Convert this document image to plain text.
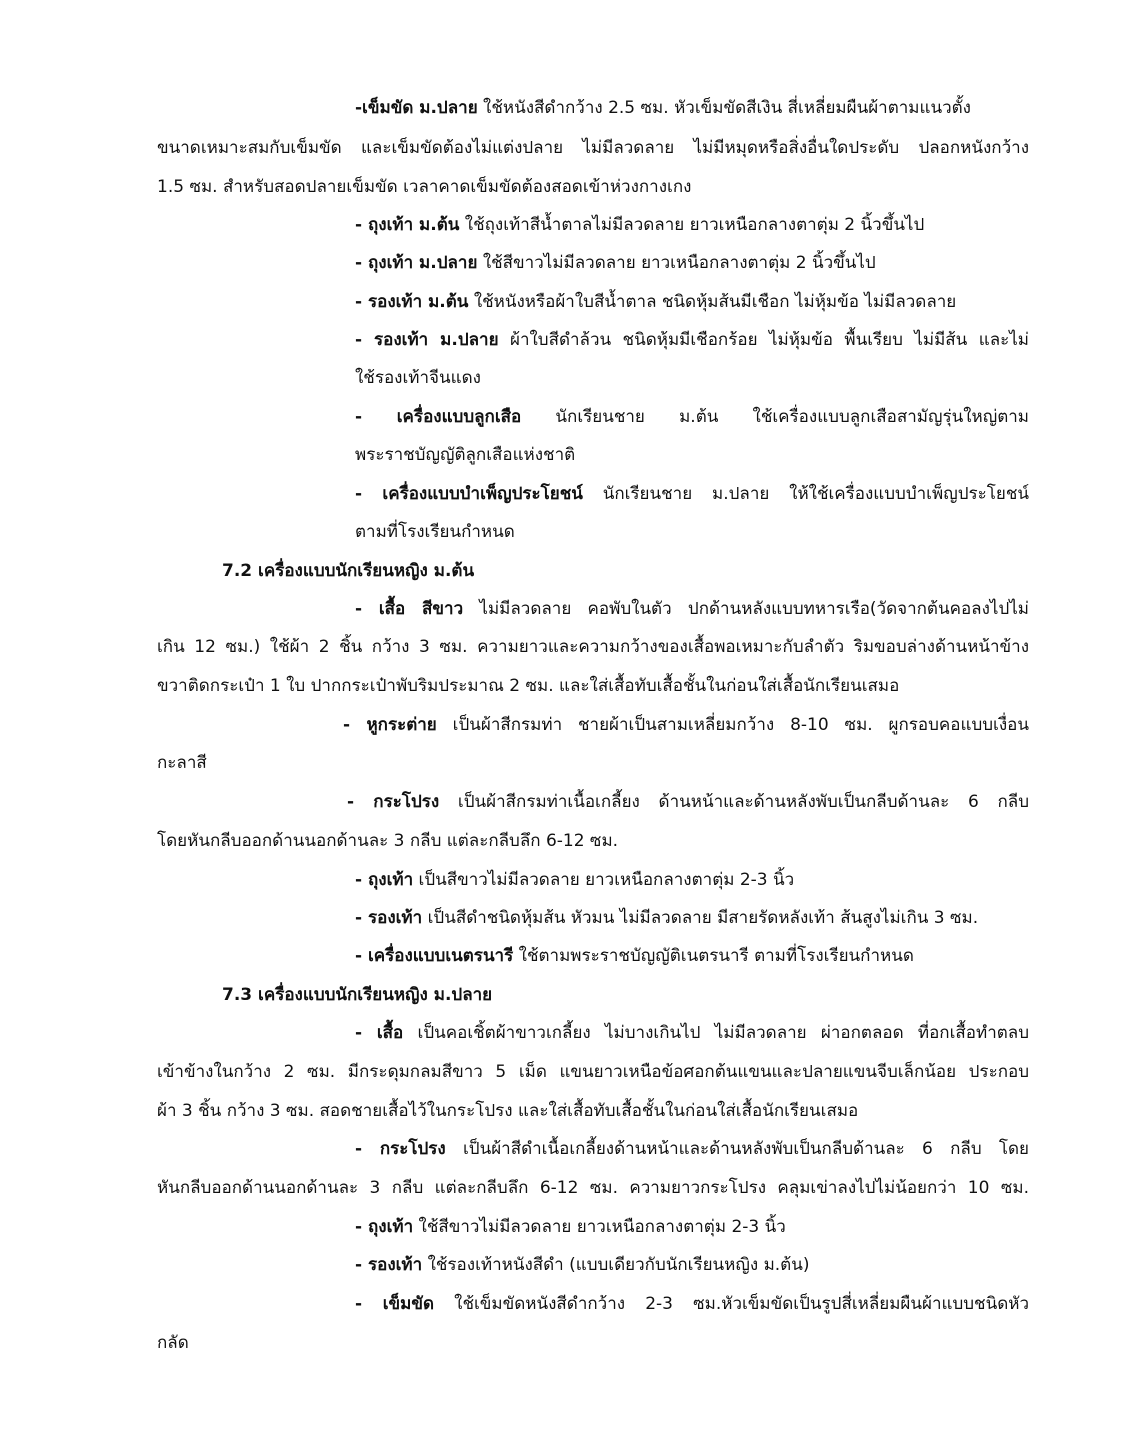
-เข็มขัด ม.ปลาย ใช้หนังสีดำกว้าง 2.5 ซม. หัวเข็มขัดสีเงิน สี่เหลี่ยมผืนผ้าตามแนวตั้ง

ขนาดเหมาะสมกับเข็มขัด และเข็มขัดต้องไม่แต่งปลาย ไม่มีลวดลาย ไม่มีหมุดหรือสิ่งอื่นใดประดับ ปลอกหนังกว้าง

1.5 ซม. สำหรับสอดปลายเข็มขัด เวลาคาดเข็มขัดต้องสอดเข้าห่วงกางเกง

- ถุงเท้า ม.ต้น ใช้ถุงเท้าสีน้ำตาลไม่มีลวดลาย ยาวเหนือกลางตาตุ่ม 2 นิ้วขึ้นไป

- ถุงเท้า ม.ปลาย ใช้สีขาวไม่มีลวดลาย ยาวเหนือกลางตาตุ่ม 2 นิ้วขึ้นไป

- รองเท้า ม.ต้น ใช้หนังหรือผ้าใบสีน้ำตาล ชนิดหุ้มส้นมีเชือก ไม่หุ้มข้อ ไม่มีลวดลาย

- รองเท้า ม.ปลาย ผ้าใบสีดำล้วน ชนิดหุ้มมีเชือกร้อย ไม่หุ้มข้อ พื้นเรียบ ไม่มีส้น และไม่

ใช้รองเท้าจีนแดง

- เครื่องแบบลูกเสือ นักเรียนชาย ม.ต้น ใช้เครื่องแบบลูกเสือสามัญรุ่นใหญ่ตาม

พระราชบัญญัติลูกเสือแห่งชาติ

- เครื่องแบบบำเพ็ญประโยชน์ นักเรียนชาย ม.ปลาย ให้ใช้เครื่องแบบบำเพ็ญประโยชน์

ตามที่โรงเรียนกำหนด

7.2 เครื่องแบบนักเรียนหญิง ม.ต้น

- เสื้อ สีขาว ไม่มีลวดลาย คอพับในตัว ปกด้านหลังแบบทหารเรือ(วัดจากต้นคอลงไปไม่

เกิน 12 ซม.) ใช้ผ้า 2 ชิ้น กว้าง 3 ซม. ความยาวและความกว้างของเสื้อพอเหมาะกับลำตัว ริมขอบล่างด้านหน้าข้าง

ขวาติดกระเป๋า 1 ใบ ปากกระเป๋าพับริมประมาณ 2 ซม. และใส่เสื้อทับเสื้อชั้นในก่อนใส่เสื้อนักเรียนเสมอ

- หูกระต่าย เป็นผ้าสีกรมท่า ชายผ้าเป็นสามเหลี่ยมกว้าง 8-10 ซม. ผูกรอบคอแบบเงื่อน

กะลาสี

- กระโปรง เป็นผ้าสีกรมท่าเนื้อเกลี้ยง ด้านหน้าและด้านหลังพับเป็นกลีบด้านละ 6 กลีบ

โดยหันกลีบออกด้านนอกด้านละ 3 กลีบ แต่ละกลีบลึก 6-12 ซม.

- ถุงเท้า เป็นสีขาวไม่มีลวดลาย ยาวเหนือกลางตาตุ่ม 2-3 นิ้ว

- รองเท้า เป็นสีดำชนิดหุ้มส้น หัวมน ไม่มีลวดลาย มีสายรัดหลังเท้า ส้นสูงไม่เกิน 3 ซม.

- เครื่องแบบเนตรนารี ใช้ตามพระราชบัญญัติเนตรนารี ตามที่โรงเรียนกำหนด

7.3 เครื่องแบบนักเรียนหญิง ม.ปลาย

- เสื้อ เป็นคอเชิ้ตผ้าขาวเกลี้ยง ไม่บางเกินไป ไม่มีลวดลาย ผ่าอกตลอด ที่อกเสื้อทำตลบ

เข้าข้างในกว้าง 2 ซม. มีกระดุมกลมสีขาว 5 เม็ด แขนยาวเหนือข้อศอกต้นแขนและปลายแขนจีบเล็กน้อย ประกอบ

ผ้า 3 ชิ้น กว้าง 3 ซม. สอดชายเสื้อไว้ในกระโปรง และใส่เสื้อทับเสื้อชั้นในก่อนใส่เสื้อนักเรียนเสมอ

- กระโปรง เป็นผ้าสีดำเนื้อเกลี้ยงด้านหน้าและด้านหลังพับเป็นกลีบด้านละ 6 กลีบ โดย

หันกลีบออกด้านนอกด้านละ 3 กลีบ แต่ละกลีบลึก 6-12 ซม. ความยาวกระโปรง คลุมเข่าลงไปไม่น้อยกว่า 10 ซม.

- ถุงเท้า ใช้สีขาวไม่มีลวดลาย ยาวเหนือกลางตาตุ่ม 2-3 นิ้ว

- รองเท้า ใช้รองเท้าหนังสีดำ (แบบเดียวกับนักเรียนหญิง ม.ต้น)

- เข็มขัด ใช้เข็มขัดหนังสีดำกว้าง 2-3 ซม.หัวเข็มขัดเป็นรูปสี่เหลี่ยมผืนผ้าแบบชนิดหัว

กลัด
